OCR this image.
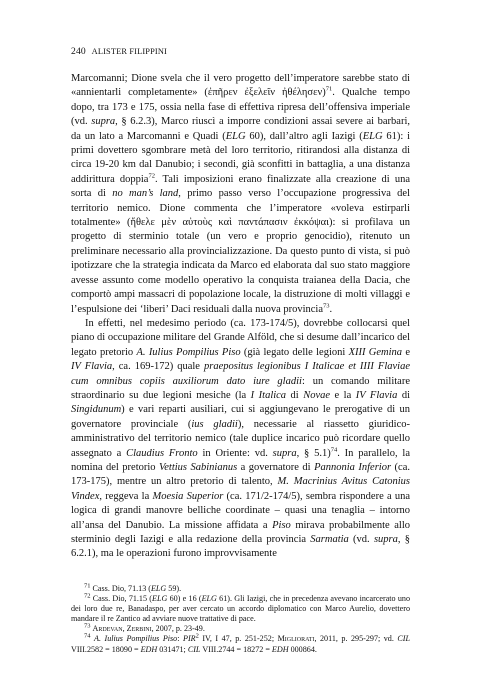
240 ALISTER FILIPPINI

Marcomanni; Dione svela che il vero progetto dell’imperatore sarebbe stato di «annientarli completamente» (ἐπῆρεν ἐξελεῖν ἠθέλησεν)$^{71}$. Qualche tempo dopo, tra 173 e 175, ossia nella fase di effettiva ripresa dell’offensiva imperiale (vd. supra, § 6.2.3), Marco riuscì a imporre condizioni assai severe ai barbari, da un lato a Marcomanni e Quadi (ELG 60), dall’altro agli Iazigi (ELG 61): i primi dovettero sgombrare metà del loro territorio, ritirandosi alla distanza di circa 19-20 km dal Danubio; i secondi, già sconfitti in battaglia, a una distanza addirittura doppia$^{72}$. Tali imposizioni erano finalizzate alla creazione di una sorta di no man’s land, primo passo verso l’occupazione progressiva del territorio nemico. Dione commenta che l’imperatore «voleva estirparli totalmente» (ἤθελε μὲν αὐτοὺς καὶ παντάπασιν ἐκκόψαι): si profilava un progetto di sterminio totale (un vero e proprio genocidio), ritenuto un preliminare necessario alla provincializzazione. Da questo punto di vista, si può ipotizzare che la strategia indicata da Marco ed elaborata dal suo stato maggiore avesse assunto come modello operativo la conquista traianea della Dacia, che comportò ampi massacri di popolazione locale, la distruzione di molti villaggi e l’espulsione dei ‘liberi’ Daci residuali dalla nuova provincia$^{73}$.

In effetti, nel medesimo periodo (ca. 173-174/5), dovrebbe collocarsi quel piano di occupazione militare del Grande Alföld, che si desume dall’incarico del legato pretorio A. Iulius Pompilius Piso (già legato delle legioni XIII Gemina e IV Flavia, ca. 169-172) quale praepositus legionibus I Italicae et IIII Flaviae cum omnibus copiis auxiliorum dato iure gladii: un comando militare straordinario su due legioni mesiche (la I Italica di Novae e la IV Flavia di Singidunum) e vari reparti ausiliari, cui si aggiungevano le prerogative di un governatore provinciale (ius gladii), necessarie al riassetto giuridico-amministrativo del territorio nemico (tale duplice incarico può ricordare quello assegnato a Claudius Fronto in Oriente: vd. supra, § 5.1)$^{74}$. In parallelo, la nomina del pretorio Vettius Sabinianus a governatore di Pannonia Inferior (ca. 173-175), mentre un altro pretorio di talento, M. Macrinius Avitus Catonius Vindex, reggeva la Moesia Superior (ca. 171/2-174/5), sembra rispondere a una logica di grandi manovre belliche coordinate – quasi una tenaglia – intorno all’ansa del Danubio. La missione affidata a Piso mirava probabilmente allo sterminio degli Iazigi e alla redazione della provincia Sarmatia (vd. supra, § 6.2.1), ma le operazioni furono improvvisamente

$^{71}$ Cass. Dio, 71.13 (ELG 59).

$^{72}$ Cass. Dio, 71.15 (ELG 60) e 16 (ELG 61). Gli Iazigi, che in precedenza avevano incarcerato uno dei loro due re, Banadaspo, per aver cercato un accordo diplomatico con Marco Aurelio, dovettero mandare il re Zantico ad avviare nuove trattative di pace.

$^{73}$ Ardevan, Zerbini, 2007, p. 23-49.

$^{74}$ A. Iulius Pompilius Piso: PIR$^2$ IV, I 47, p. 251-252; Migliorati, 2011, p. 295-297; vd. CIL VIII.2582 = 18090 = EDH 031471; CIL VIII.2744 = 18272 = EDH 000864.
